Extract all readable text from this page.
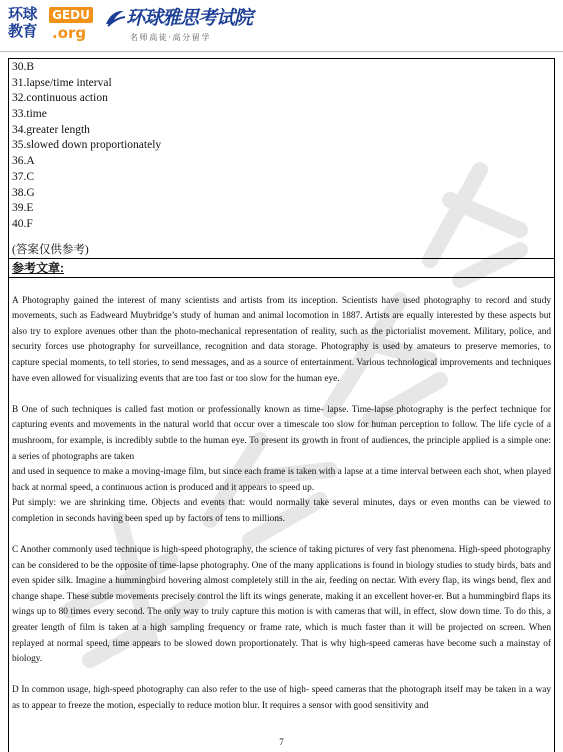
环球教育
GEDU
.org
环球雅思考试院
名师高徒·高分留学
30.B
31.lapse/time interval
32.continuous action
33.time
34.greater length
35.slowed down proportionately
36.A
37.C
38.G
39.E
40.F
(答案仅供参考)
参考文章:

A Photography gained the interest of many scientists and artists from its inception. Scientists have used photography to record and study movements, such as Eadweard Muybridge’s study of human and animal locomotion in 1887. Artists are equally interested by these aspects but also try to explore avenues other than the photo-mechanical representation of reality, such as the pictorialist movement. Military, police, and security forces use photography for surveillance, recognition and data storage. Photography is used by amateurs to preserve memories, to capture special moments, to tell stories, to send messages, and as a source of entertainment. Various technological improvements and techniques have even allowed for visualizing events that are too fast or too slow for the human eye.

B One of such techniques is called fast motion or professionally known as time- lapse. Time-lapse photography is the perfect technique for capturing events and movements in the natural world that occur over a timescale too slow for human perception to follow. The life cycle of a mushroom, for example, is incredibly subtle to the human eye. To present its growth in front of audiences, the principle applied is a simple one: a series of photographs are taken

and used in sequence to make a moving-image film, but since each frame is taken with a lapse at a time interval between each shot, when played back at normal speed, a continuous action is produced and it appears to speed up.

Put simply: we are shrinking time. Objects and events that: would normally take several minutes, days or even months can be viewed to completion in seconds having been sped up by factors of tens to millions.

C Another commonly used technique is high-speed photography, the science of taking pictures of very fast phenomena. High-speed photography can be considered to be the opposite of time-lapse photography. One of the many applications is found in biology studies to study birds, bats and even spider silk. Imagine a hummingbird hovering almost completely still in the air, feeding on nectar. With every flap, its wings bend, flex and change shape. These subtle movements precisely control the lift its wings generate, making it an excellent hover-er. But a hummingbird flaps its wings up to 80 times every second. The only way to truly capture this motion is with cameras that will, in effect, slow down time. To do this, a greater length of film is taken at a high sampling frequency or frame rate, which is much faster than it will be projected on screen. When replayed at normal speed, time appears to be slowed down proportionately. That is why high-speed cameras have become such a mainstay of biology.

D In common usage, high-speed photography can also refer to the use of high- speed cameras that the photograph itself may be taken in a way as to appear to freeze the motion, especially to reduce motion blur. It requires a sensor with good sensitivity and

7
